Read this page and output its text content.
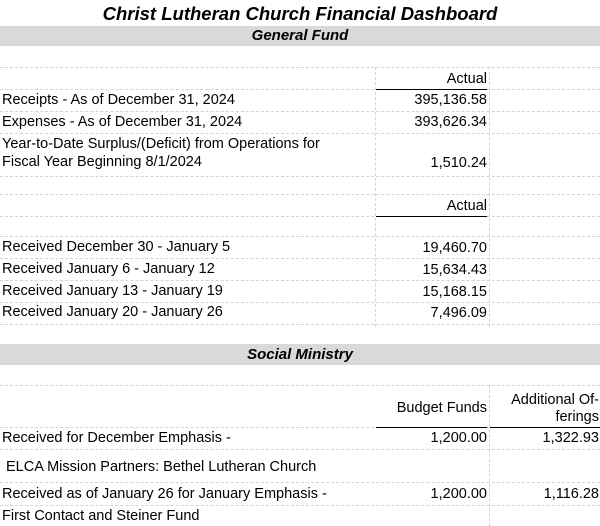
Christ Lutheran Church Financial Dashboard
General Fund
Actual
Receipts - As of December 31, 2024	395,136.58
Expenses - As of December 31, 2024	393,626.34
Year-to-Date Surplus/(Deficit) from Operations for
Fiscal Year Beginning 8/1/2024	1,510.24
Actual
Received December 30 - January 5	19,460.70
Received January 6 - January 12	15,634.43
Received January 13 - January 19	15,168.15
Received January 20 - January 26	7,496.09
Social Ministry
Budget Funds	Additional Of-
ferings
Received for December Emphasis -	1,200.00	1,322.93
ELCA Mission Partners: Bethel Lutheran Church
Received as of January 26 for January Emphasis -	1,200.00	1,116.28
First Contact and Steiner Fund
